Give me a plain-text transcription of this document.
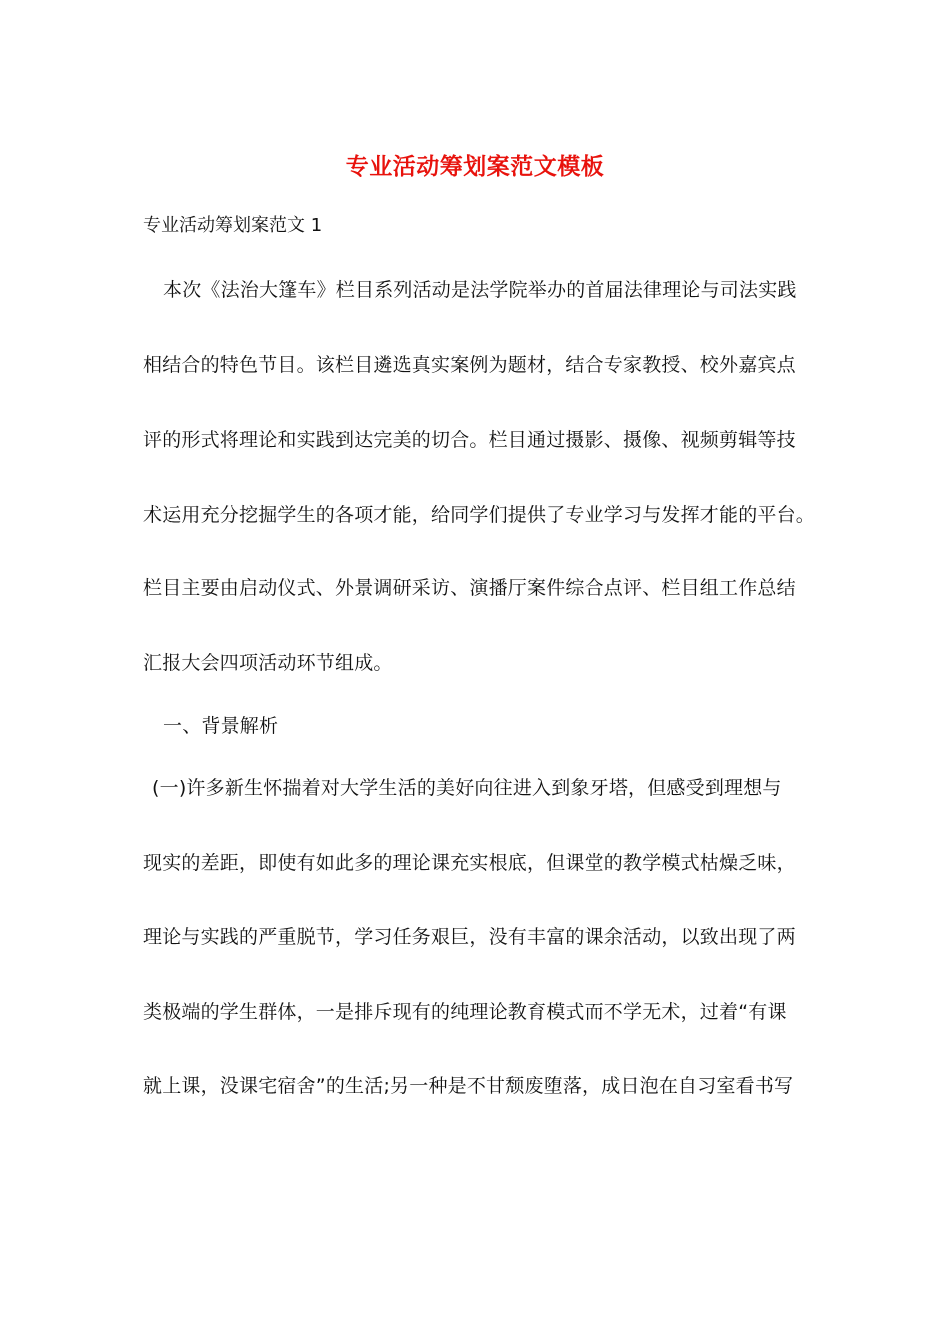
专业活动筹划案范文模板
专业活动筹划案范文 1
本次《法治大篷车》栏目系列活动是法学院举办的首届法律理论与司法实践
相结合的特色节目。该栏目遴选真实案例为题材，结合专家教授、校外嘉宾点
评的形式将理论和实践到达完美的切合。栏目通过摄影、摄像、视频剪辑等技
术运用充分挖掘学生的各项才能，给同学们提供了专业学习与发挥才能的平台。
栏目主要由启动仪式、外景调研采访、演播厅案件综合点评、栏目组工作总结
汇报大会四项活动环节组成。
一、背景解析
(一)许多新生怀揣着对大学生活的美好向往进入到象牙塔，但感受到理想与
现实的差距，即使有如此多的理论课充实根底，但课堂的教学模式枯燥乏味，
理论与实践的严重脱节，学习任务艰巨，没有丰富的课余活动，以致出现了两
类极端的学生群体，一是排斥现有的纯理论教育模式而不学无术，过着“有课
就上课，没课宅宿舍”的生活;另一种是不甘颓废堕落，成日泡在自习室看书写
